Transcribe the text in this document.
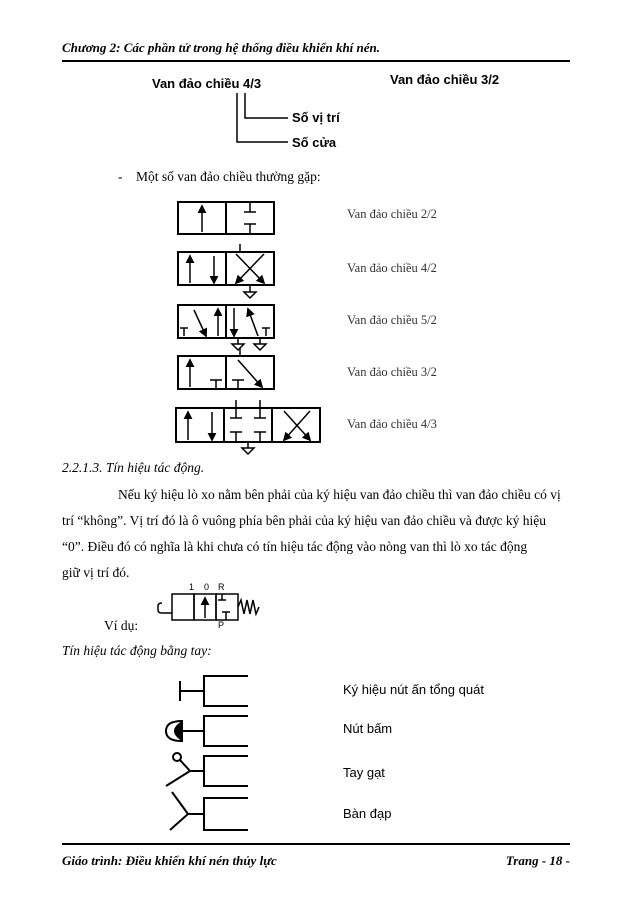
Chương 2: Các phần tử trong hệ thống điều khiển khí nén.
Van đảo chiều 4/3	Van đảo chiều 3/2
Số vị trí
Số cửa
- Một số van đảo chiều thường gặp:
Van đảo chiều 2/2
Van đảo chiều 4/2
Van đảo chiều 5/2
Van đảo chiều 3/2
Van đảo chiều 4/3
2.2.1.3. Tín hiệu tác động.
Nếu ký hiệu lò xo nằm bên phải của ký hiệu van đảo chiều thì van đảo chiều có vị
trí “không”. Vị trí đó là ô vuông phía bên phải của ký hiệu van đảo chiều và được ký hiệu
“0”. Điều đó có nghĩa là khi chưa có tín hiệu tác động vào nòng van thì lò xo tác động
giữ vị trí đó.
1 0 R
P
Ví dụ:
Tín hiệu tác động bằng tay:
Ký hiệu nút ấn tổng quát
Nút bấm
Tay gạt
Bàn đạp
Giáo trình: Điều khiển khí nén thủy lực	Trang - 18 -
